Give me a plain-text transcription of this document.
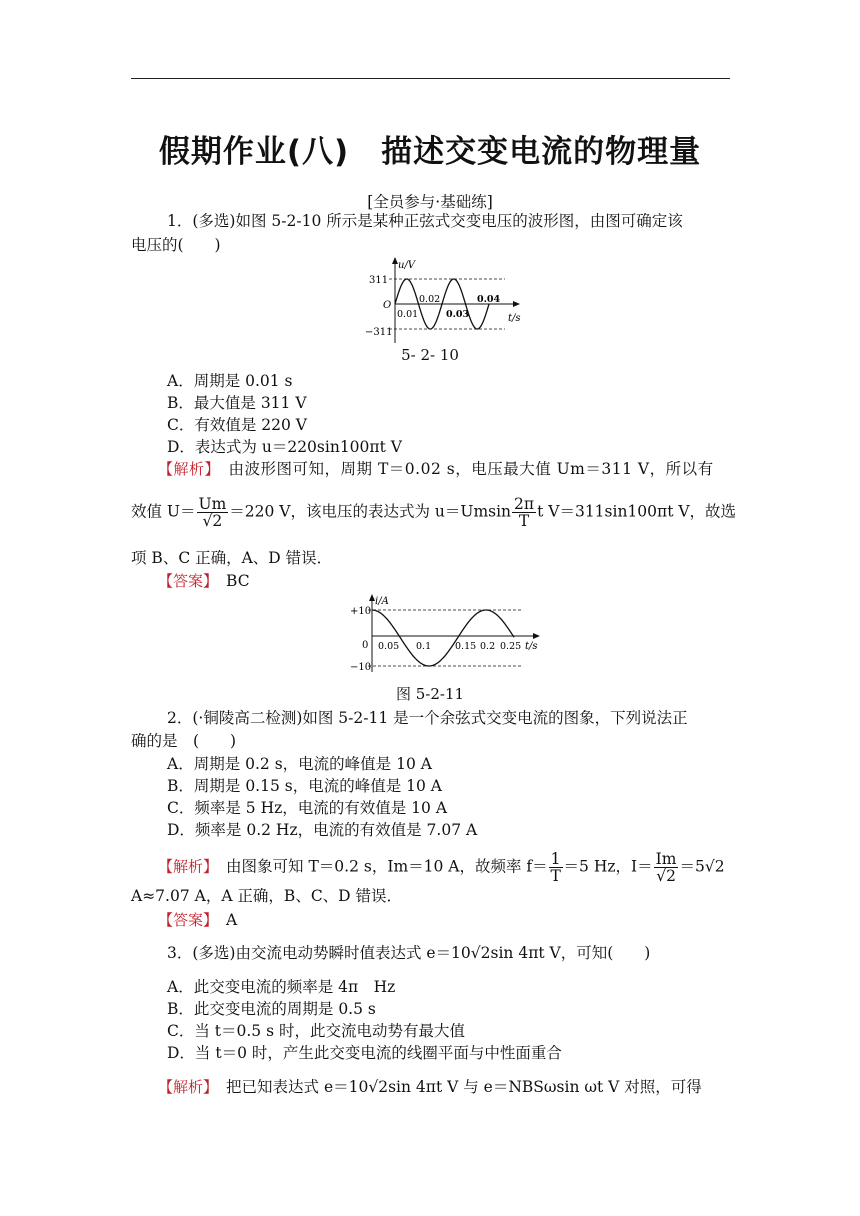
假期作业(八)　描述交变电流的物理量
[全员参与·基础练]
1．(多选)如图 5-2-10 所示是某种正弦式交变电压的波形图，由图可确定该
电压的(　　)
u/V
311
−311
O
0.01
0.02
0.03
0.04
t/s
5- 2- 10
A．周期是 0.01 s
B．最大值是 311 V
C．有效值是 220 V
D．表达式为 u＝220sin100πt V
【解析】　 由波形图可知，周期 T＝0.02 s，电压最大值 Um＝311 V，所以有
效值 $U= \frac{Um}{√2} =220$ V，该电压的表达式为 $u=Umsin \frac{2\pi}{T}$ t V＝311sin100πt V，故选
项 B、C 正确，A、D 错误．
【答案】　 BC
i/A
+10
−10
0 0.05 0.1	0.15 0.2 0.25 t/s
图 5-2-11
2．(·铜陵高二检测)如图 5-2-11 是一个余弦式交变电流的图象，下列说法正
确的是　(　　)
A．周期是 0.2 s，电流的峰值是 10 A
B．周期是 0.15 s，电流的峰值是 10 A
C．频率是 5 Hz，电流的有效值是 10 A
D．频率是 0.2 Hz，电流的有效值是 7.07 A
【解析】　 由图象可知 T＝0.2 s，Im＝10 A，故频率 $f= \frac{1}{T} =5$ Hz，$I= \frac{Im}{√2} =5√2$
A≈7.07 A，A 正确，B、C、D 错误．
【答案】　 A
3．(多选)由交流电动势瞬时值表达式 e＝10√2sin 4πt V，可知(　　)
A．此交变电流的频率是 4π　Hz
B．此交变电流的周期是 0.5 s
C．当 t＝0.5 s 时，此交流电动势有最大值
D．当 t＝0 时，产生此交变电流的线圈平面与中性面重合
【解析】　 把已知表达式 e＝10√2sin 4πt V 与 e＝NBSωsin ωt V 对照，可得
